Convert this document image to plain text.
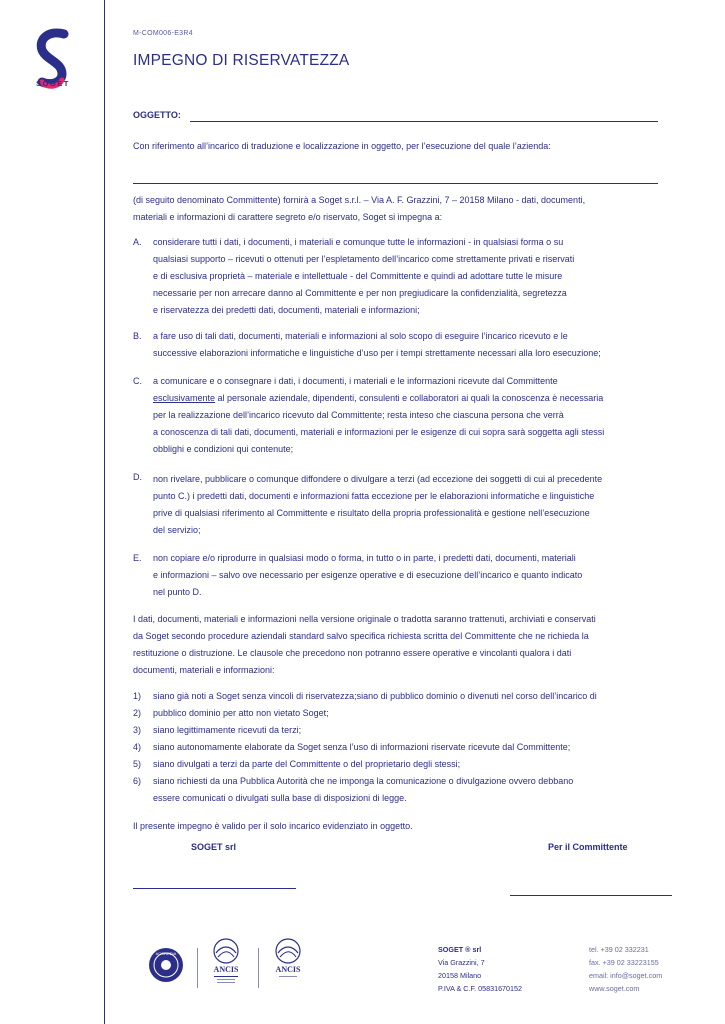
SOGET
M-COM006-E3R4
IMPEGNO DI RISERVATEZZA
OGGETTO:
Con riferimento all’incarico di traduzione e localizzazione in oggetto, per l’esecuzione del quale l’azienda:
(di seguito denominato Committente) fornirà a Soget s.r.l. – Via A. F. Grazzini, 7 – 20158 Milano - dati, documenti,
materiali e informazioni di carattere segreto e/o riservato, Soget si impegna a:
A. considerare tutti i dati, i documenti, i materiali e comunque tutte le informazioni - in qualsiasi forma o su
qualsiasi supporto – ricevuti o ottenuti per l’espletamento dell’incarico come strettamente privati e riservati
e di esclusiva proprietà – materiale e intellettuale - del Committente e quindi ad adottare tutte le misure
necessarie per non arrecare danno al Committente e per non pregiudicare la confidenzialità, segretezza
e riservatezza dei predetti dati, documenti, materiali e informazioni;
B. a fare uso di tali dati, documenti, materiali e informazioni al solo scopo di eseguire l’incarico ricevuto e le
successive elaborazioni informatiche e linguistiche d’uso per i tempi strettamente necessari alla loro esecuzione;
C. a comunicare e o consegnare i dati, i documenti, i materiali e le informazioni ricevute dal Committente
esclusivamente al personale aziendale, dipendenti, consulenti e collaboratori ai quali la conoscenza è necessaria
per la realizzazione dell’incarico ricevuto dal Committente; resta inteso che ciascuna persona che verrà
a conoscenza di tali dati, documenti, materiali e informazioni per le esigenze di cui sopra sarà soggetta agli stessi
obblighi e condizioni qui contenute;
D. non rivelare, pubblicare o comunque diffondere o divulgare a terzi (ad eccezione dei soggetti di cui al precedente
punto C.) i predetti dati, documenti e informazioni fatta eccezione per le elaborazioni informatiche e linguistiche
prive di qualsiasi riferimento al Committente e risultato della propria professionalità e gestione nell’esecuzione
del servizio;
E. non copiare e/o riprodurre in qualsiasi modo o forma, in tutto o in parte, i predetti dati, documenti, materiali
e informazioni – salvo ove necessario per esigenze operative e di esecuzione dell’incarico e quanto indicato
nel punto D.
I dati, documenti, materiali e informazioni nella versione originale o tradotta saranno trattenuti, archiviati e conservati
da Soget secondo procedure aziendali standard salvo specifica richiesta scritta del Committente che ne richieda la
restituzione o distruzione. Le clausole che precedono non potranno essere operative e vincolanti qualora i dati
documenti, materiali e informazioni:
1) siano già noti a Soget senza vincoli di riservatezza;siano di pubblico dominio o divenuti nel corso dell’incarico di
2) pubblico dominio per atto non vietato Soget;
3) siano legittimamente ricevuti da terzi;
4) siano autonomamente elaborate da Soget senza l’uso di informazioni riservate ricevute dal Committente;
5) siano divulgati a terzi da parte del Committente o del proprietario degli stessi;
6) siano richiesti da una Pubblica Autorità che ne imponga la comunicazione o divulgazione ovvero debbano
essere comunicati o divulgati sulla base di disposizioni di legge.
Il presente impegno è valido per il solo incarico evidenziato in oggetto.
SOGET srl	Per il Committente
ACCREDIA
ANCIS	ANCIS
SOGET ® srl
Via Grazzini, 7
20158 Milano
P.IVA & C.F. 05831670152
tel. +39 02 332231
fax. +39 02 33223155
email: info@soget.com
www.soget.com
